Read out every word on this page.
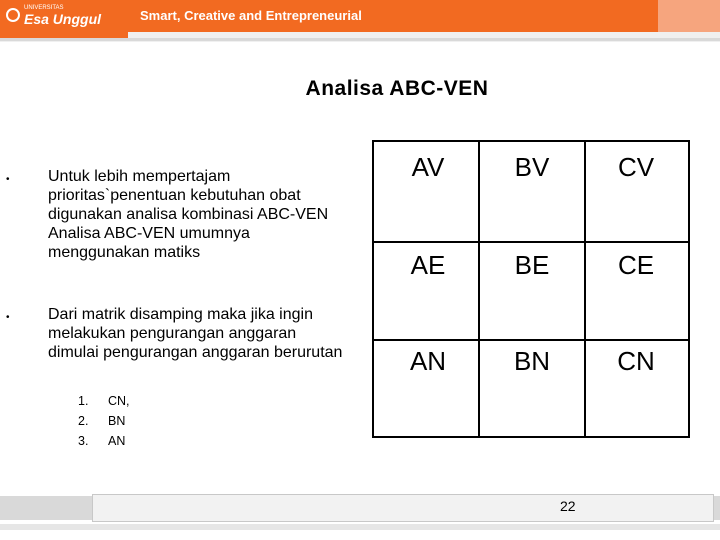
UNIVERSITAS
Esa Unggul	Smart, Creative and Entrepreneurial
Analisa ABC-VEN
• Untuk lebih mempertajam prioritas`penentuan kebutuhan obat digunakan analisa kombinasi ABC-VEN Analisa ABC-VEN umumnya menggunakan matiks
• Dari matrik disamping maka jika ingin melakukan pengurangan anggaran dimulai pengurangan anggaran berurutan
1.	CN,
2.	BN
3.	AN
AV	BV	CV
AE	BE	CE
AN	BN	CN
22
